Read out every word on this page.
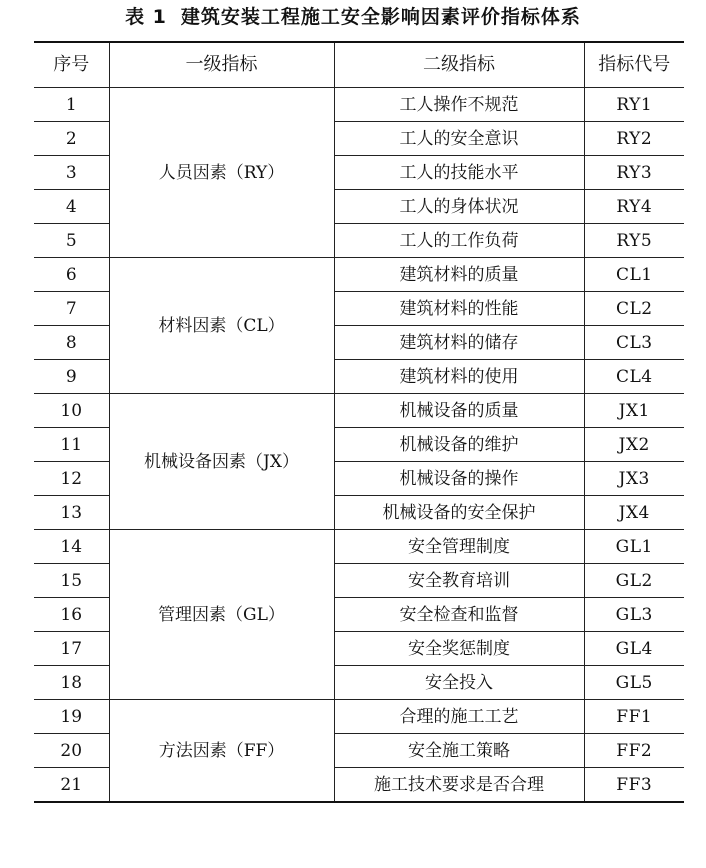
表 1 建筑安装工程施工安全影响因素评价指标体系
序号	一级指标	二级指标	指标代号
1	人员因素（RY）	工人操作不规范	RY1
2		工人的安全意识	RY2
3		工人的技能水平	RY3
4		工人的身体状况	RY4
5		工人的工作负荷	RY5
6	材料因素（CL）	建筑材料的质量	CL1
7		建筑材料的性能	CL2
8		建筑材料的储存	CL3
9		建筑材料的使用	CL4
10	机械设备因素（JX）	机械设备的质量	JX1
11		机械设备的维护	JX2
12		机械设备的操作	JX3
13		机械设备的安全保护	JX4
14	管理因素（GL）	安全管理制度	GL1
15		安全教育培训	GL2
16		安全检查和监督	GL3
17		安全奖惩制度	GL4
18		安全投入	GL5
19	方法因素（FF）	合理的施工工艺	FF1
20		安全施工策略	FF2
21		施工技术要求是否合理	FF3
